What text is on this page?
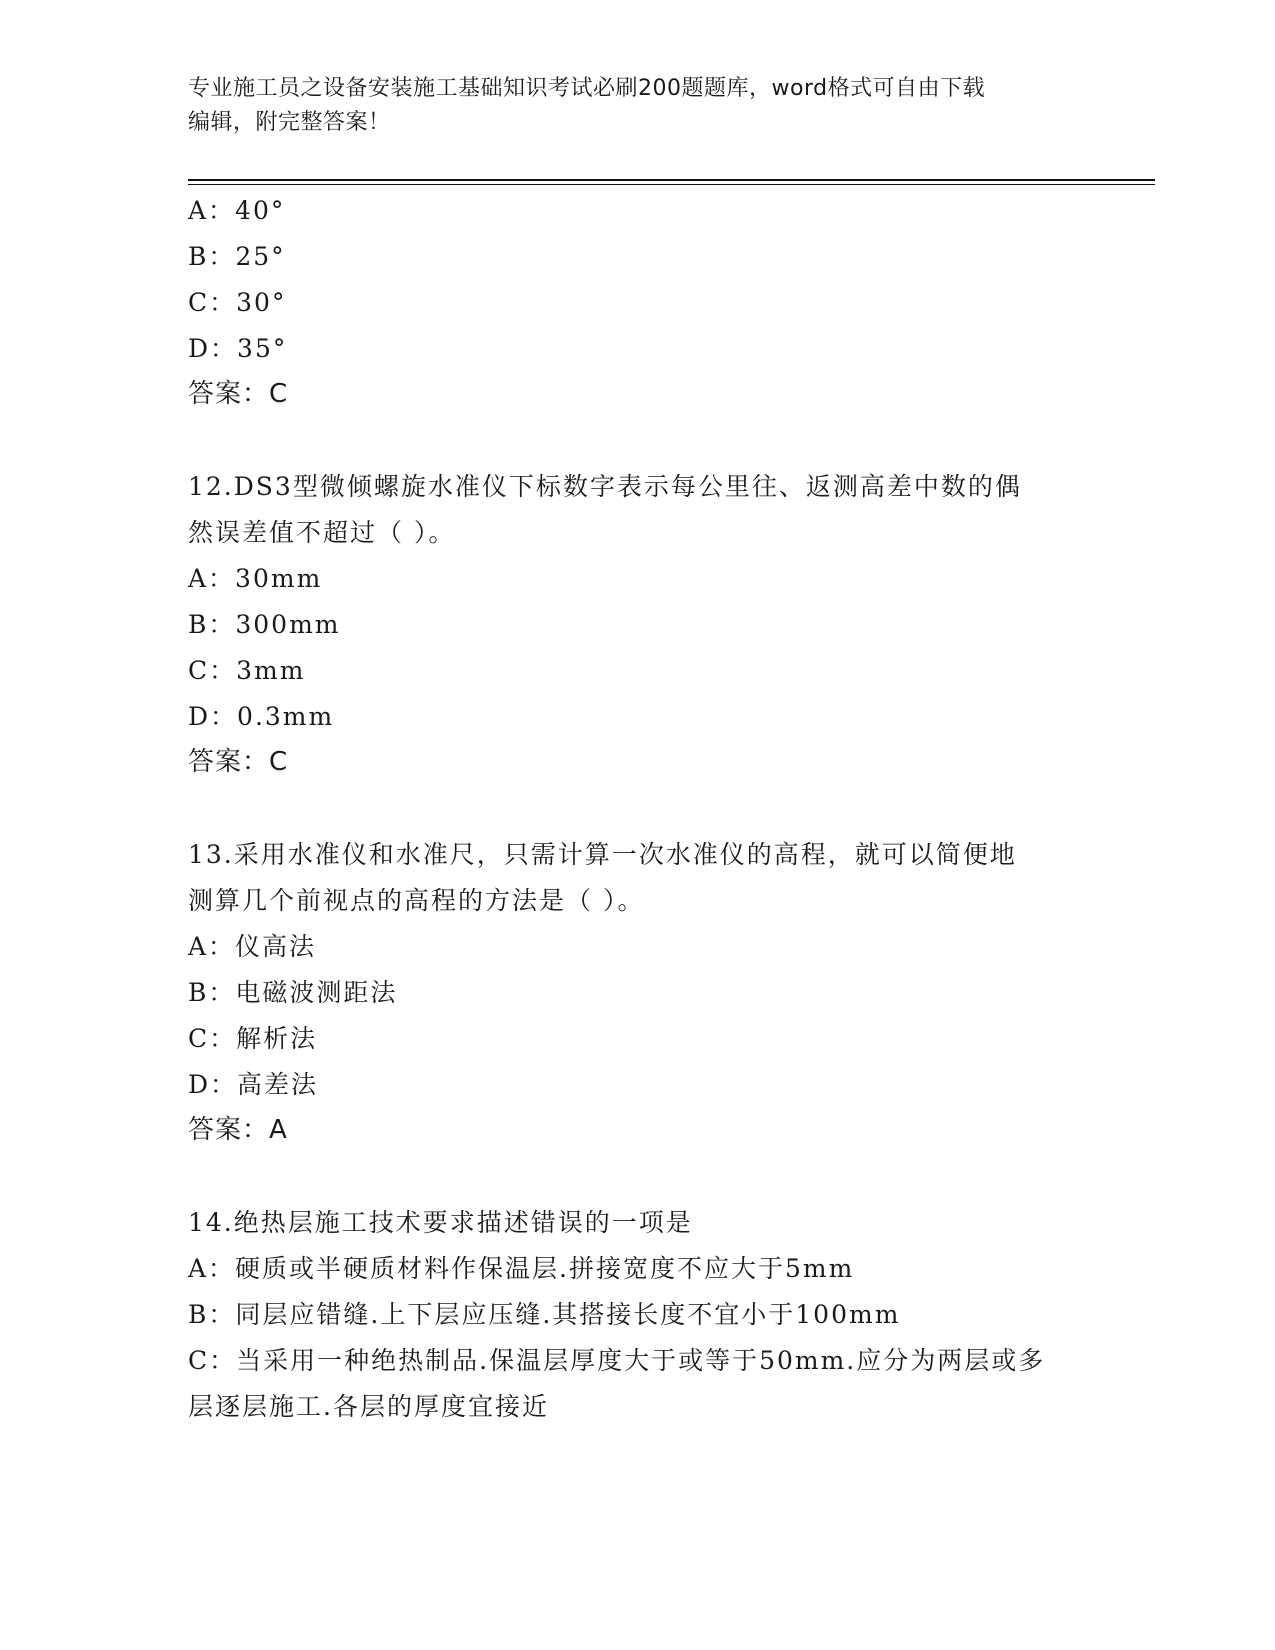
专业施工员之设备安装施工基础知识考试必刷200题题库，word格式可自由下载
编辑，附完整答案！
A：40°
B：25°
C：30°
D：35°
答案：C
12.DS3型微倾螺旋水准仪下标数字表示每公里往、返测高差中数的偶
然误差值不超过（ ）。
A：30mm
B：300mm
C：3mm
D：0.3mm
答案：C
13.采用水准仪和水准尺，只需计算一次水准仪的高程，就可以简便地
测算几个前视点的高程的方法是（ ）。
A：仪高法
B：电磁波测距法
C：解析法
D：高差法
答案：A
14.绝热层施工技术要求描述错误的一项是
A：硬质或半硬质材料作保温层.拼接宽度不应大于5mm
B：同层应错缝.上下层应压缝.其搭接长度不宜小于100mm
C：当采用一种绝热制品.保温层厚度大于或等于50mm.应分为两层或多
层逐层施工.各层的厚度宜接近
